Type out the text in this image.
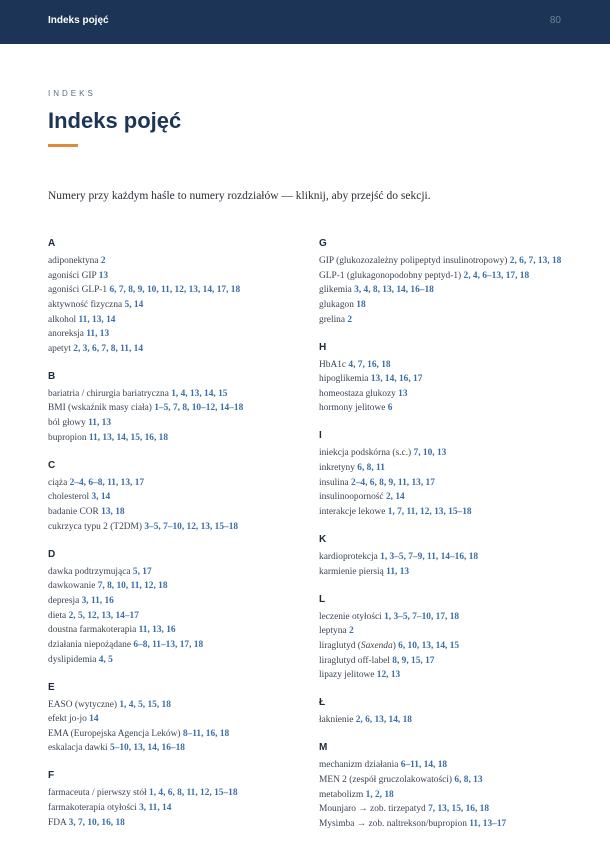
Indeks pojęć	80
INDEKS
Indeks pojęć

Numery przy każdym haśle to numery rozdziałów — kliknij, aby przejść do sekcji.

A
adiponektyna 2
agoniści GIP 13
agoniści GLP-1 6, 7, 8, 9, 10, 11, 12, 13, 14, 17, 18
aktywność fizyczna 5, 14
alkohol 11, 13, 14
anoreksja 11, 13
apetyt 2, 3, 6, 7, 8, 11, 14
B
bariatria / chirurgia bariatryczna 1, 4, 13, 14, 15
BMI (wskaźnik masy ciała) 1–5, 7, 8, 10–12, 14–18
ból głowy 11, 13
bupropion 11, 13, 14, 15, 16, 18
C
ciąża 2–4, 6–8, 11, 13, 17
cholesterol 3, 14
badanie COR 13, 18
cukrzyca typu 2 (T2DM) 3–5, 7–10, 12, 13, 15–18
D
dawka podtrzymująca 5, 17
dawkowanie 7, 8, 10, 11, 12, 18
depresja 3, 11, 16
dieta 2, 5, 12, 13, 14–17
doustna farmakoterapia 11, 13, 16
działania niepożądane 6–8, 11–13, 17, 18
dyslipidemia 4, 5
E
EASO (wytyczne) 1, 4, 5, 15, 18
efekt jo-jo 14
EMA (Europejska Agencja Leków) 8–11, 16, 18
eskalacja dawki 5–10, 13, 14, 16–18
F
farmaceuta / pierwszy stół 1, 4, 6, 8, 11, 12, 15–18
farmakoterapia otyłości 3, 11, 14
FDA 3, 7, 10, 16, 18
G
GIP (glukozozależny polipeptyd insulinotropowy) 2, 6, 7, 13, 18
GLP-1 (glukagonopodobny peptyd-1) 2, 4, 6–13, 17, 18
glikemia 3, 4, 8, 13, 14, 16–18
glukagon 18
grelina 2
H
HbA1c 4, 7, 16, 18
hipoglikemia 13, 14, 16, 17
homeostaza glukozy 13
hormony jelitowe 6
I
iniekcja podskórna (s.c.) 7, 10, 13
inkretyny 6, 8, 11
insulina 2–4, 6, 8, 9, 11, 13, 17
insulinooporność 2, 14
interakcje lekowe 1, 7, 11, 12, 13, 15–18
K
kardioprotekcja 1, 3–5, 7–9, 11, 14–16, 18
karmienie piersią 11, 13
L
leczenie otyłości 1, 3–5, 7–10, 17, 18
leptyna 2
liraglutyd (Saxenda) 6, 10, 13, 14, 15
liraglutyd off-label 8, 9, 15, 17
lipazy jelitowe 12, 13
Ł
łaknienie 2, 6, 13, 14, 18
M
mechanizm działania 6–11, 14, 18
MEN 2 (zespół gruczolakowatości) 6, 8, 13
metabolizm 1, 2, 18
Mounjaro → zob. tirzepatyd 7, 13, 15, 16, 18
Mysimba → zob. naltrekson/bupropion 11, 13–17
